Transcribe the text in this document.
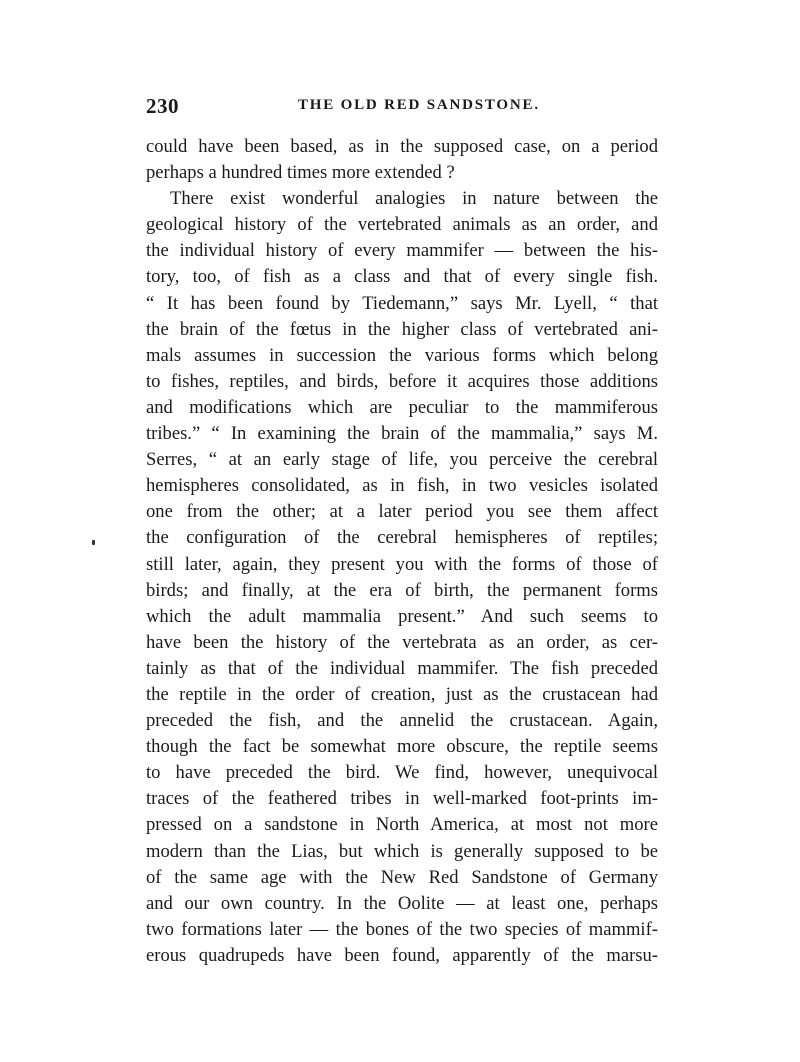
230	THE OLD RED SANDSTONE.
could have been based, as in the supposed case, on a period
perhaps a hundred times more extended ?
There exist wonderful analogies in nature between the
geological history of the vertebrated animals as an order, and
the individual history of every mammifer — between the his-
tory, too, of fish as a class and that of every single fish.
“ It has been found by Tiedemann,” says Mr. Lyell, “ that
the brain of the fœtus in the higher class of vertebrated ani-
mals assumes in succession the various forms which belong
to fishes, reptiles, and birds, before it acquires those additions
and modifications which are peculiar to the mammiferous
tribes.” “ In examining the brain of the mammalia,” says M.
Serres, “ at an early stage of life, you perceive the cerebral
hemispheres consolidated, as in fish, in two vesicles isolated
one from the other; at a later period you see them affect
the configuration of the cerebral hemispheres of reptiles;
still later, again, they present you with the forms of those of
birds; and finally, at the era of birth, the permanent forms
which the adult mammalia present.” And such seems to
have been the history of the vertebrata as an order, as cer-
tainly as that of the individual mammifer. The fish preceded
the reptile in the order of creation, just as the crustacean had
preceded the fish, and the annelid the crustacean. Again,
though the fact be somewhat more obscure, the reptile seems
to have preceded the bird. We find, however, unequivocal
traces of the feathered tribes in well-marked foot-prints im-
pressed on a sandstone in North America, at most not more
modern than the Lias, but which is generally supposed to be
of the same age with the New Red Sandstone of Germany
and our own country. In the Oolite — at least one, perhaps
two formations later — the bones of the two species of mammif-
erous quadrupeds have been found, apparently of the marsu-
